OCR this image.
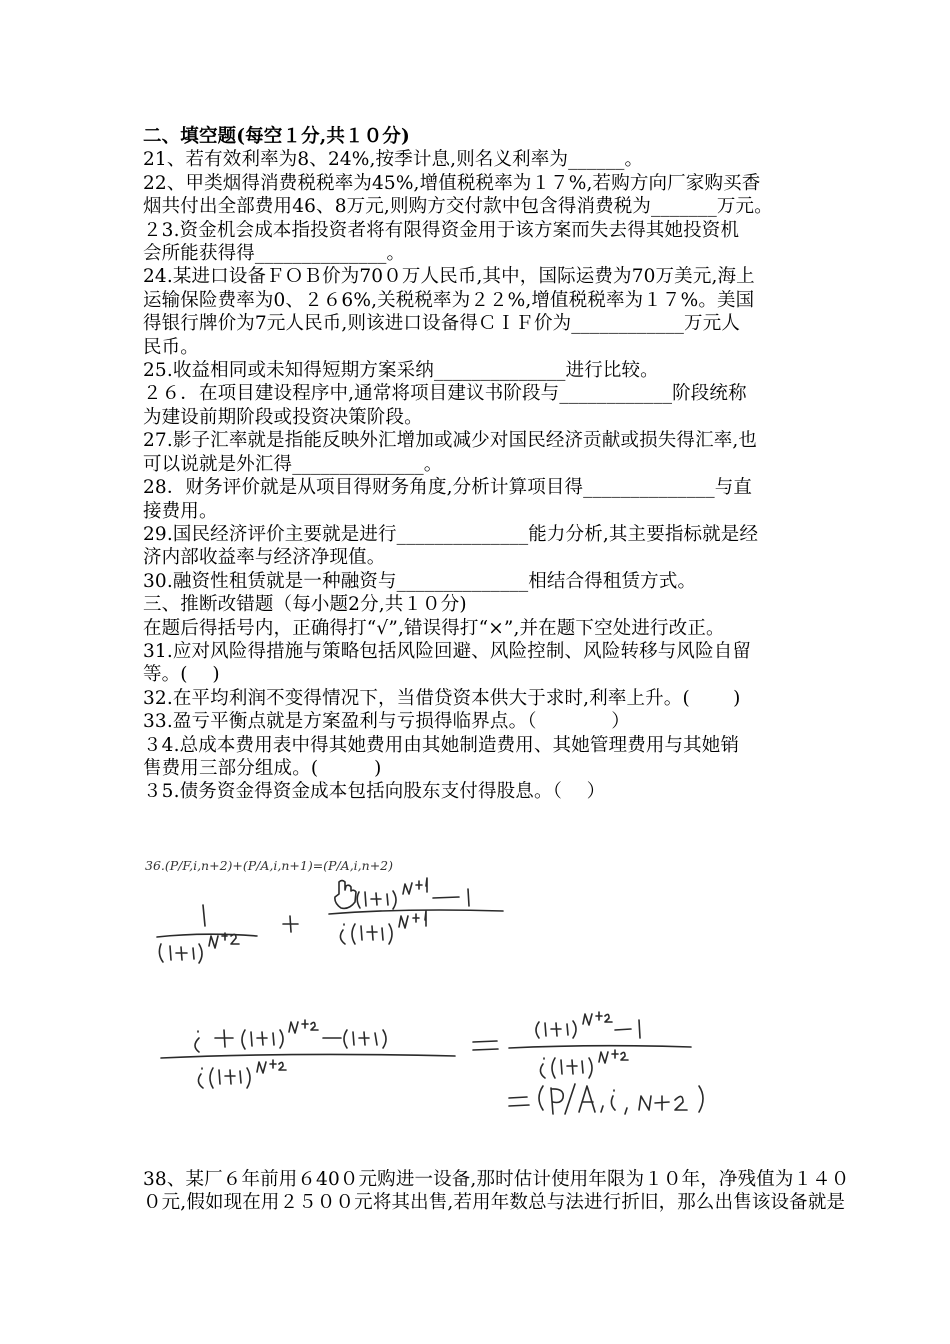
二、填空题(每空１分,共１０分)
21、若有效利率为8、24%,按季计息,则名义利率为______。
22、甲类烟得消费税税率为45%,增值税税率为１７%,若购方向厂家购买香
烟共付出全部费用46、8万元,则购方交付款中包含得消费税为_______万元。
２3.资金机会成本指投资者将有限得资金用于该方案而失去得其她投资机
会所能获得得______________。
24.某进口设备ＦＯＢ价为70０万人民币,其中，国际运费为70万美元,海上
运输保险费率为0、２６6%,关税税率为２２%,增值税税率为１７%。美国
得银行牌价为7元人民币,则该进口设备得ＣＩＦ价为____________万元人
民币。
25.收益相同或未知得短期方案采纳______________进行比较。
２６．在项目建设程序中,通常将项目建议书阶段与____________阶段统称
为建设前期阶段或投资决策阶段。
27.影子汇率就是指能反映外汇增加或减少对国民经济贡献或损失得汇率,也
可以说就是外汇得______________。
28．财务评价就是从项目得财务角度,分析计算项目得______________与直
接费用。
29.国民经济评价主要就是进行______________能力分析,其主要指标就是经
济内部收益率与经济净现值。
30.融资性租赁就是一种融资与______________相结合得租赁方式。
三、推断改错题（每小题2分,共１０分)
在题后得括号内，正确得打“√”,错误得打“×”,并在题下空处进行改正。
31.应对风险得措施与策略包括风险回避、风险控制、风险转移与风险自留
等。(　 )
32.在平均利润不变得情况下，当借贷资本供大于求时,利率上升。(　　 )
33.盈亏平衡点就是方案盈利与亏损得临界点。（　　　　）
３4.总成本费用表中得其她费用由其她制造费用、其她管理费用与其她销
售费用三部分组成。(　　　)
３5.债务资金得资金成本包括向股东支付得股息。（　 ）
36.(P/F,i,n+2)+(P/A,i,n+1)=(P/A,i,n+2)
38、某厂６年前用６40０元购进一设备,那时估计使用年限为１０年，净残值为１４０
０元,假如现在用２５００元将其出售,若用年数总与法进行折旧，那么出售该设备就是
